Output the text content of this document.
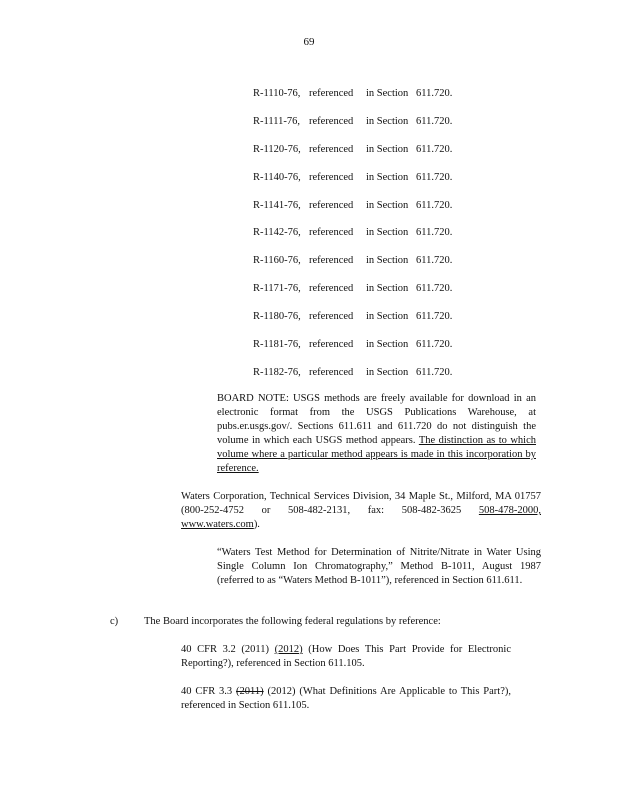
69
R-1110-76, referenced in Section 611.720.
R-1111-76, referenced in Section 611.720.
R-1120-76, referenced in Section 611.720.
R-1140-76, referenced in Section 611.720.
R-1141-76, referenced in Section 611.720.
R-1142-76, referenced in Section 611.720.
R-1160-76, referenced in Section 611.720.
R-1171-76, referenced in Section 611.720.
R-1180-76, referenced in Section 611.720.
R-1181-76, referenced in Section 611.720.
R-1182-76, referenced in Section 611.720.
BOARD NOTE: USGS methods are freely available for download in an electronic format from the USGS Publications Warehouse, at pubs.er.usgs.gov/. Sections 611.611 and 611.720 do not distinguish the volume in which each USGS method appears. The distinction as to which volume where a particular method appears is made in this incorporation by reference.
Waters Corporation, Technical Services Division, 34 Maple St., Milford, MA 01757 (800-252-4752 or 508-482-2131, fax: 508-482-3625 508-478-2000, www.waters.com).
“Waters Test Method for Determination of Nitrite/Nitrate in Water Using Single Column Ion Chromatography,” Method B-1011, August 1987 (referred to as “Waters Method B-1011”), referenced in Section 611.611.
c) The Board incorporates the following federal regulations by reference:
40 CFR 3.2 (2011) (2012) (How Does This Part Provide for Electronic Reporting?), referenced in Section 611.105.
40 CFR 3.3 (2011) (2012) (What Definitions Are Applicable to This Part?), referenced in Section 611.105.
